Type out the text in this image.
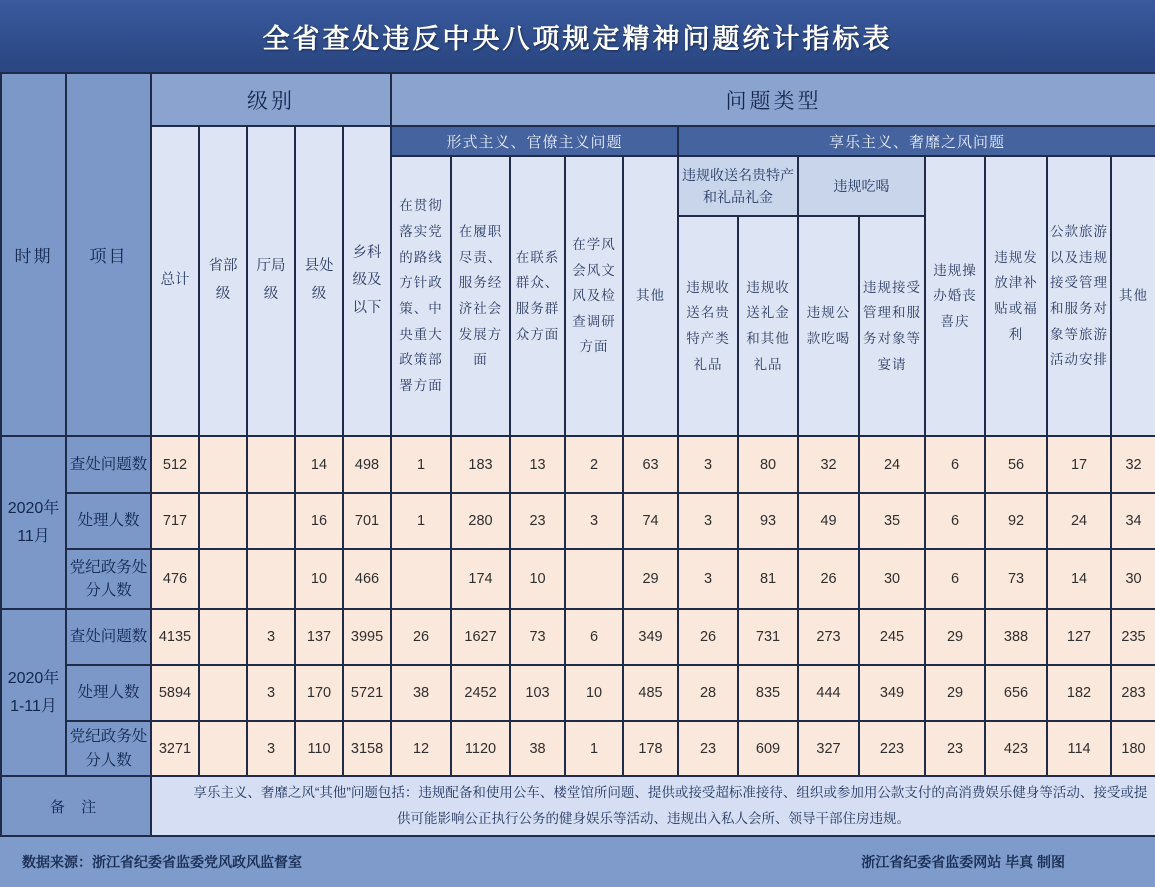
全省查处违反中央八项规定精神问题统计指标表
时期	项目	级别					问题类型												
		总计	省部级	厅局级	县处级	乡科级及以下	形式主义、官僚主义问题					享乐主义、奢靡之风问题							
							在贯彻落实党的路线方针政策、中央重大政策部署方面	在履职尽责、服务经济社会发展方面	在联系群众、服务群众方面	在学风会风文风及检查调研方面	其他	违规收送名贵特产和礼品礼金		违规吃喝		违规操办婚丧喜庆	违规发放津补贴或福利	公款旅游以及违规接受管理和服务对象等旅游活动安排	其他
												违规收送名贵特产类礼品	违规收送礼金和其他礼品	违规公款吃喝	违规接受管理和服务对象等宴请				

2020年
11月	查处问题数	512			14	498	1	183	13	2	63	3	80	32	24	6	56	17	32
	处理人数	717			16	701	1	280	23	3	74	3	93	49	35	6	92	24	34
	党纪政务处分人数	476			10	466		174	10		29	3	81	26	30	6	73	14	30

2020年
1-11月	查处问题数	4135		3	137	3995	26	1627	73	6	349	26	731	273	245	29	388	127	235
	处理人数	5894		3	170	5721	38	2452	103	10	485	28	835	444	349	29	656	182	283
	党纪政务处分人数	3271		3	110	3158	12	1120	38	1	178	23	609	327	223	23	423	114	180
备 注		享乐主义、奢靡之风“其他”问题包括：违规配备和使用公车、楼堂馆所问题、提供或接受超标准接待、组织或参加用公款支付的高消费娱乐健身等活动、接受或提供可能影响公正执行公务的健身娱乐等活动、违规出入私人会所、领导干部住房违规。																	
数据来源：浙江省纪委省监委党风政风监督室	浙江省纪委省监委网站 毕真 制图
